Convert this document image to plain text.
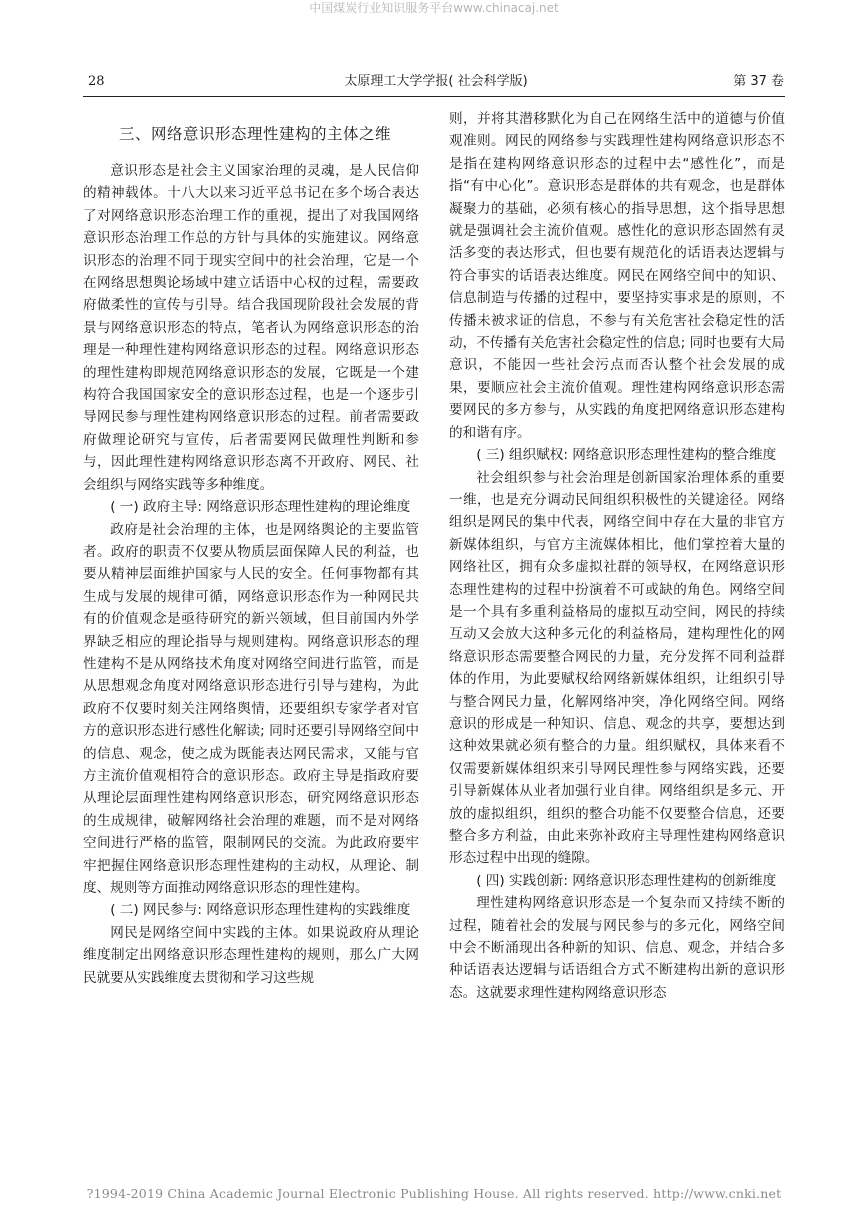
中国煤炭行业知识服务平台www.chinacaj.net
28	太原理工大学学报( 社会科学版)	第 37 卷
三、网络意识形态理性建构的主体之维

意识形态是社会主义国家治理的灵魂，是人民信仰的精神载体。十八大以来习近平总书记在多个场合表达了对网络意识形态治理工作的重视，提出了对我国网络意识形态治理工作总的方针与具体的实施建议。网络意识形态的治理不同于现实空间中的社会治理，它是一个在网络思想舆论场域中建立话语中心权的过程，需要政府做柔性的宣传与引导。结合我国现阶段社会发展的背景与网络意识形态的特点，笔者认为网络意识形态的治理是一种理性建构网络意识形态的过程。网络意识形态的理性建构即规范网络意识形态的发展，它既是一个建构符合我国国家安全的意识形态过程，也是一个逐步引导网民参与理性建构网络意识形态的过程。前者需要政府做理论研究与宣传，后者需要网民做理性判断和参与，因此理性建构网络意识形态离不开政府、网民、社会组织与网络实践等多种维度。

( 一) 政府主导: 网络意识形态理性建构的理论维度

政府是社会治理的主体，也是网络舆论的主要监管者。政府的职责不仅要从物质层面保障人民的利益，也要从精神层面维护国家与人民的安全。任何事物都有其生成与发展的规律可循，网络意识形态作为一种网民共有的价值观念是亟待研究的新兴领域，但目前国内外学界缺乏相应的理论指导与规则建构。网络意识形态的理性建构不是从网络技术角度对网络空间进行监管，而是从思想观念角度对网络意识形态进行引导与建构，为此政府不仅要时刻关注网络舆情，还要组织专家学者对官方的意识形态进行感性化解读; 同时还要引导网络空间中的信息、观念，使之成为既能表达网民需求，又能与官方主流价值观相符合的意识形态。政府主导是指政府要从理论层面理性建构网络意识形态，研究网络意识形态的生成规律，破解网络社会治理的难题，而不是对网络空间进行严格的监管，限制网民的交流。为此政府要牢牢把握住网络意识形态理性建构的主动权，从理论、制度、规则等方面推动网络意识形态的理性建构。

( 二) 网民参与: 网络意识形态理性建构的实践维度

网民是网络空间中实践的主体。如果说政府从理论维度制定出网络意识形态理性建构的规则，那么广大网民就要从实践维度去贯彻和学习这些规

则，并将其潜移默化为自己在网络生活中的道德与价值观准则。网民的网络参与实践理性建构网络意识形态不是指在建构网络意识形态的过程中去“感性化”，而是指“有中心化”。意识形态是群体的共有观念，也是群体凝聚力的基础，必须有核心的指导思想，这个指导思想就是强调社会主流价值观。感性化的意识形态固然有灵活多变的表达形式，但也要有规范化的话语表达逻辑与符合事实的话语表达维度。网民在网络空间中的知识、信息制造与传播的过程中，要坚持实事求是的原则，不传播未被求证的信息，不参与有关危害社会稳定性的活动，不传播有关危害社会稳定性的信息; 同时也要有大局意识，不能因一些社会污点而否认整个社会发展的成果，要顺应社会主流价值观。理性建构网络意识形态需要网民的多方参与，从实践的角度把网络意识形态建构的和谐有序。

( 三) 组织赋权: 网络意识形态理性建构的整合维度

社会组织参与社会治理是创新国家治理体系的重要一维，也是充分调动民间组织积极性的关键途径。网络组织是网民的集中代表，网络空间中存在大量的非官方新媒体组织，与官方主流媒体相比，他们掌控着大量的网络社区，拥有众多虚拟社群的领导权，在网络意识形态理性建构的过程中扮演着不可或缺的角色。网络空间是一个具有多重利益格局的虚拟互动空间，网民的持续互动又会放大这种多元化的利益格局，建构理性化的网络意识形态需要整合网民的力量，充分发挥不同利益群体的作用，为此要赋权给网络新媒体组织，让组织引导与整合网民力量，化解网络冲突，净化网络空间。网络意识的形成是一种知识、信息、观念的共享，要想达到这种效果就必须有整合的力量。组织赋权，具体来看不仅需要新媒体组织来引导网民理性参与网络实践，还要引导新媒体从业者加强行业自律。网络组织是多元、开放的虚拟组织，组织的整合功能不仅要整合信息，还要整合多方利益，由此来弥补政府主导理性建构网络意识形态过程中出现的缝隙。

( 四) 实践创新: 网络意识形态理性建构的创新维度

理性建构网络意识形态是一个复杂而又持续不断的过程，随着社会的发展与网民参与的多元化，网络空间中会不断涌现出各种新的知识、信息、观念，并结合多种话语表达逻辑与话语组合方式不断建构出新的意识形态。这就要求理性建构网络意识形态

?1994-2019 China Academic Journal Electronic Publishing House. All rights reserved. http://www.cnki.net
